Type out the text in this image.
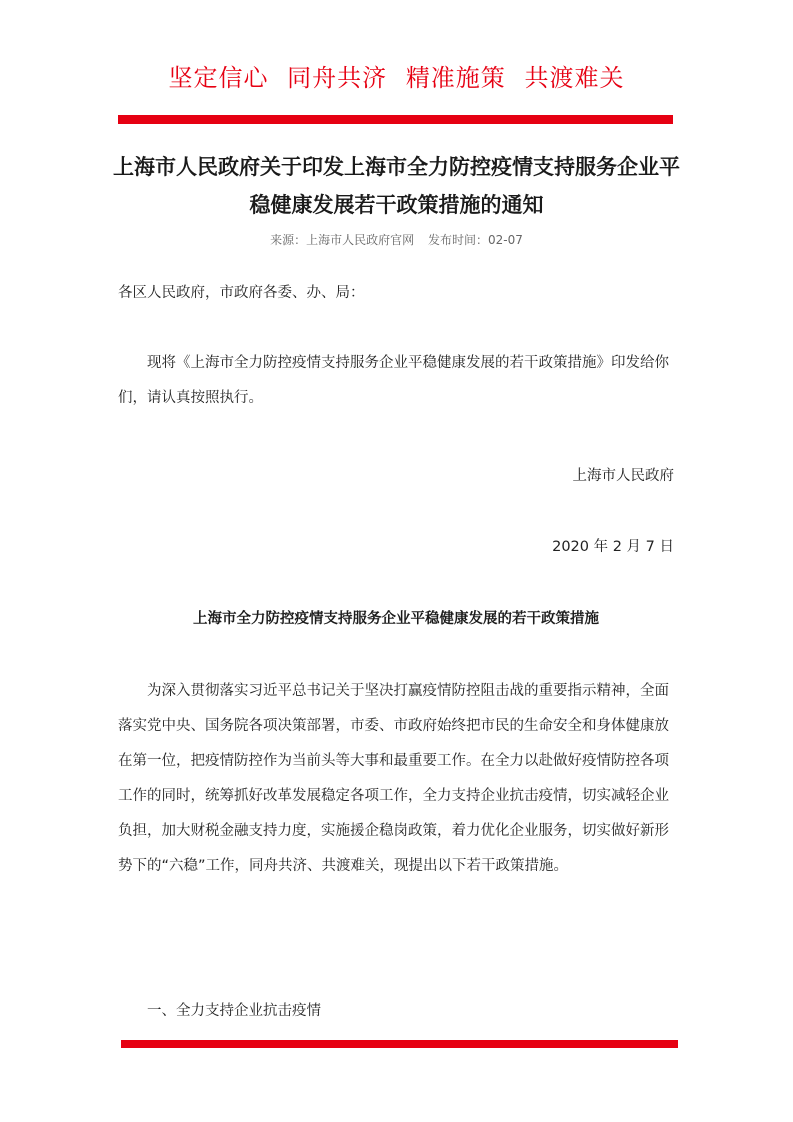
坚定信心 同舟共济 精准施策 共渡难关
上海市人民政府关于印发上海市全力防控疫情支持服务企业平稳健康发展若干政策措施的通知
来源：上海市人民政府官网 发布时间：02-07

各区人民政府，市政府各委、办、局：

现将《上海市全力防控疫情支持服务企业平稳健康发展的若干政策措施》印发给你们，请认真按照执行。

上海市人民政府

2020 年 2 月 7 日

上海市全力防控疫情支持服务企业平稳健康发展的若干政策措施

为深入贯彻落实习近平总书记关于坚决打赢疫情防控阻击战的重要指示精神，全面落实党中央、国务院各项决策部署，市委、市政府始终把市民的生命安全和身体健康放在第一位，把疫情防控作为当前头等大事和最重要工作。在全力以赴做好疫情防控各项工作的同时，统筹抓好改革发展稳定各项工作，全力支持企业抗击疫情，切实减轻企业负担，加大财税金融支持力度，实施援企稳岗政策，着力优化企业服务，切实做好新形势下的“六稳”工作，同舟共济、共渡难关，现提出以下若干政策措施。

一、全力支持企业抗击疫情
